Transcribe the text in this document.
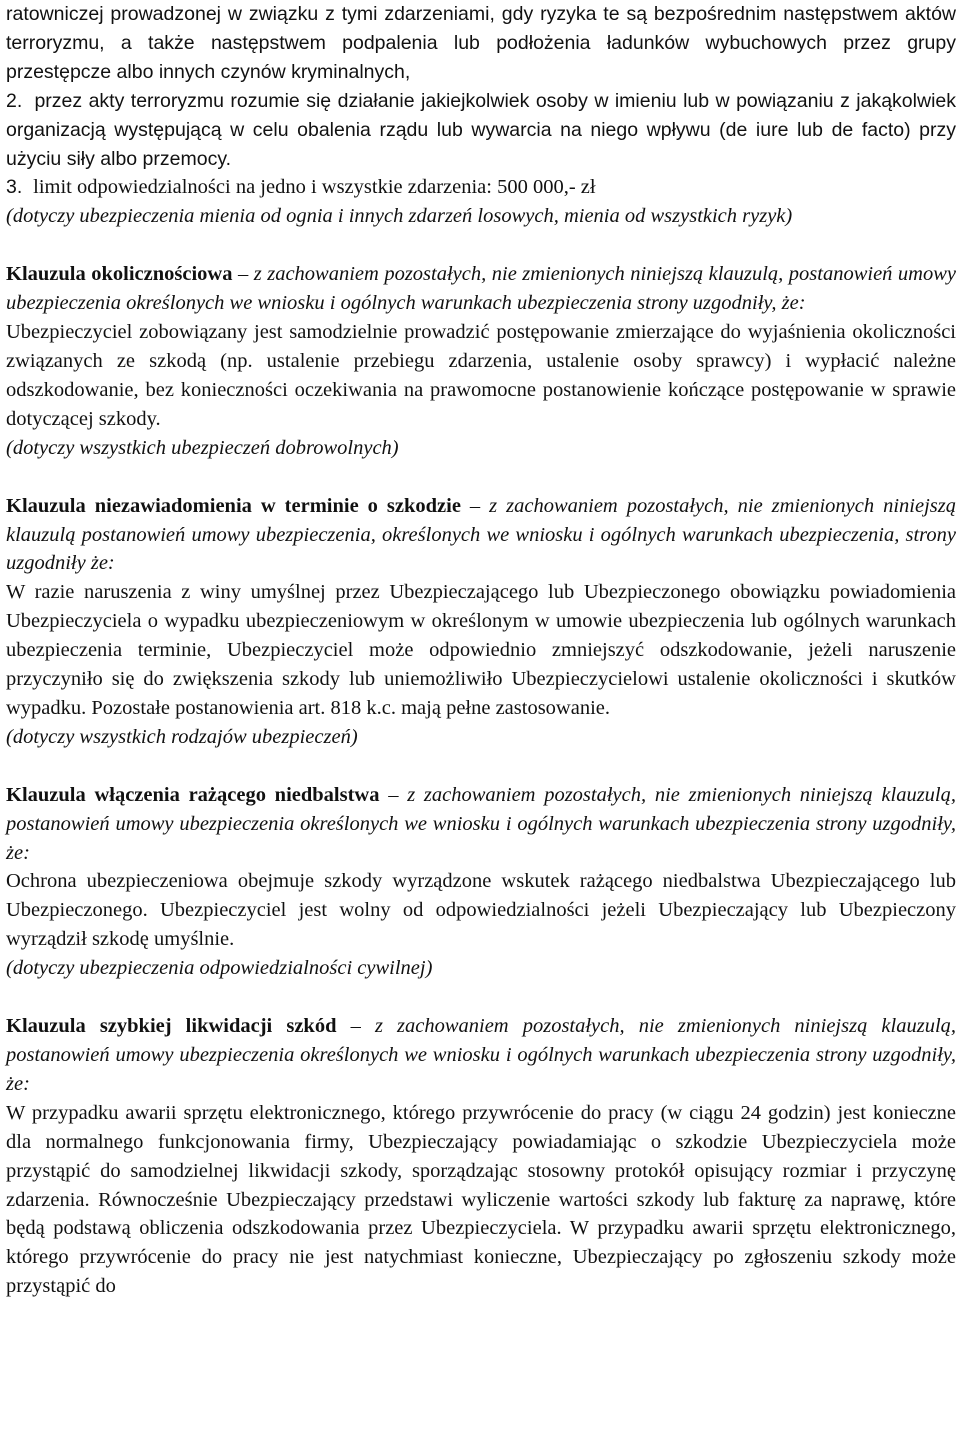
ratowniczej prowadzonej w związku z tymi zdarzeniami, gdy ryzyka te są bezpośrednim następstwem aktów terroryzmu, a także następstwem podpalenia lub podłożenia ładunków wybuchowych przez grupy przestępcze albo innych czynów kryminalnych,

2. przez akty terroryzmu rozumie się działanie jakiejkolwiek osoby w imieniu lub w powiązaniu z jakąkolwiek organizacją występującą w celu obalenia rządu lub wywarcia na niego wpływu (de iure lub de facto) przy użyciu siły albo przemocy.

3. limit odpowiedzialności na jedno i wszystkie zdarzenia: 500 000,- zł

(dotyczy ubezpieczenia mienia od ognia i innych zdarzeń losowych, mienia od wszystkich ryzyk)

Klauzula okolicznościowa – z zachowaniem pozostałych, nie zmienionych niniejszą klauzulą, postanowień umowy ubezpieczenia określonych we wniosku i ogólnych warunkach ubezpieczenia strony uzgodniły, że:

Ubezpieczyciel zobowiązany jest samodzielnie prowadzić postępowanie zmierzające do wyjaśnienia okoliczności związanych ze szkodą (np. ustalenie przebiegu zdarzenia, ustalenie osoby sprawcy) i wypłacić należne odszkodowanie, bez konieczności oczekiwania na prawomocne postanowienie kończące postępowanie w sprawie dotyczącej szkody.

(dotyczy wszystkich ubezpieczeń dobrowolnych)

Klauzula niezawiadomienia w terminie o szkodzie – z zachowaniem pozostałych, nie zmienionych niniejszą klauzulą postanowień umowy ubezpieczenia, określonych we wniosku i ogólnych warunkach ubezpieczenia, strony uzgodniły że:

W razie naruszenia z winy umyślnej przez Ubezpieczającego lub Ubezpieczonego obowiązku powiadomienia Ubezpieczyciela o wypadku ubezpieczeniowym w określonym w umowie ubezpieczenia lub ogólnych warunkach ubezpieczenia terminie, Ubezpieczyciel może odpowiednio zmniejszyć odszkodowanie, jeżeli naruszenie przyczyniło się do zwiększenia szkody lub uniemożliwiło Ubezpieczycielowi ustalenie okoliczności i skutków wypadku. Pozostałe postanowienia art. 818 k.c. mają pełne zastosowanie.

(dotyczy wszystkich rodzajów ubezpieczeń)

Klauzula włączenia rażącego niedbalstwa – z zachowaniem pozostałych, nie zmienionych niniejszą klauzulą, postanowień umowy ubezpieczenia określonych we wniosku i ogólnych warunkach ubezpieczenia strony uzgodniły, że:

Ochrona ubezpieczeniowa obejmuje szkody wyrządzone wskutek rażącego niedbalstwa Ubezpieczającego lub Ubezpieczonego. Ubezpieczyciel jest wolny od odpowiedzialności jeżeli Ubezpieczający lub Ubezpieczony wyrządził szkodę umyślnie.

(dotyczy ubezpieczenia odpowiedzialności cywilnej)

Klauzula szybkiej likwidacji szkód – z zachowaniem pozostałych, nie zmienionych niniejszą klauzulą, postanowień umowy ubezpieczenia określonych we wniosku i ogólnych warunkach ubezpieczenia strony uzgodniły, że:

W przypadku awarii sprzętu elektronicznego, którego przywrócenie do pracy (w ciągu 24 godzin) jest konieczne dla normalnego funkcjonowania firmy, Ubezpieczający powiadamiając o szkodzie Ubezpieczyciela może przystąpić do samodzielnej likwidacji szkody, sporządzając stosowny protokół opisujący rozmiar i przyczynę zdarzenia. Równocześnie Ubezpieczający przedstawi wyliczenie wartości szkody lub fakturę za naprawę, które będą podstawą obliczenia odszkodowania przez Ubezpieczyciela. W przypadku awarii sprzętu elektronicznego, którego przywrócenie do pracy nie jest natychmiast konieczne, Ubezpieczający po zgłoszeniu szkody może przystąpić do
